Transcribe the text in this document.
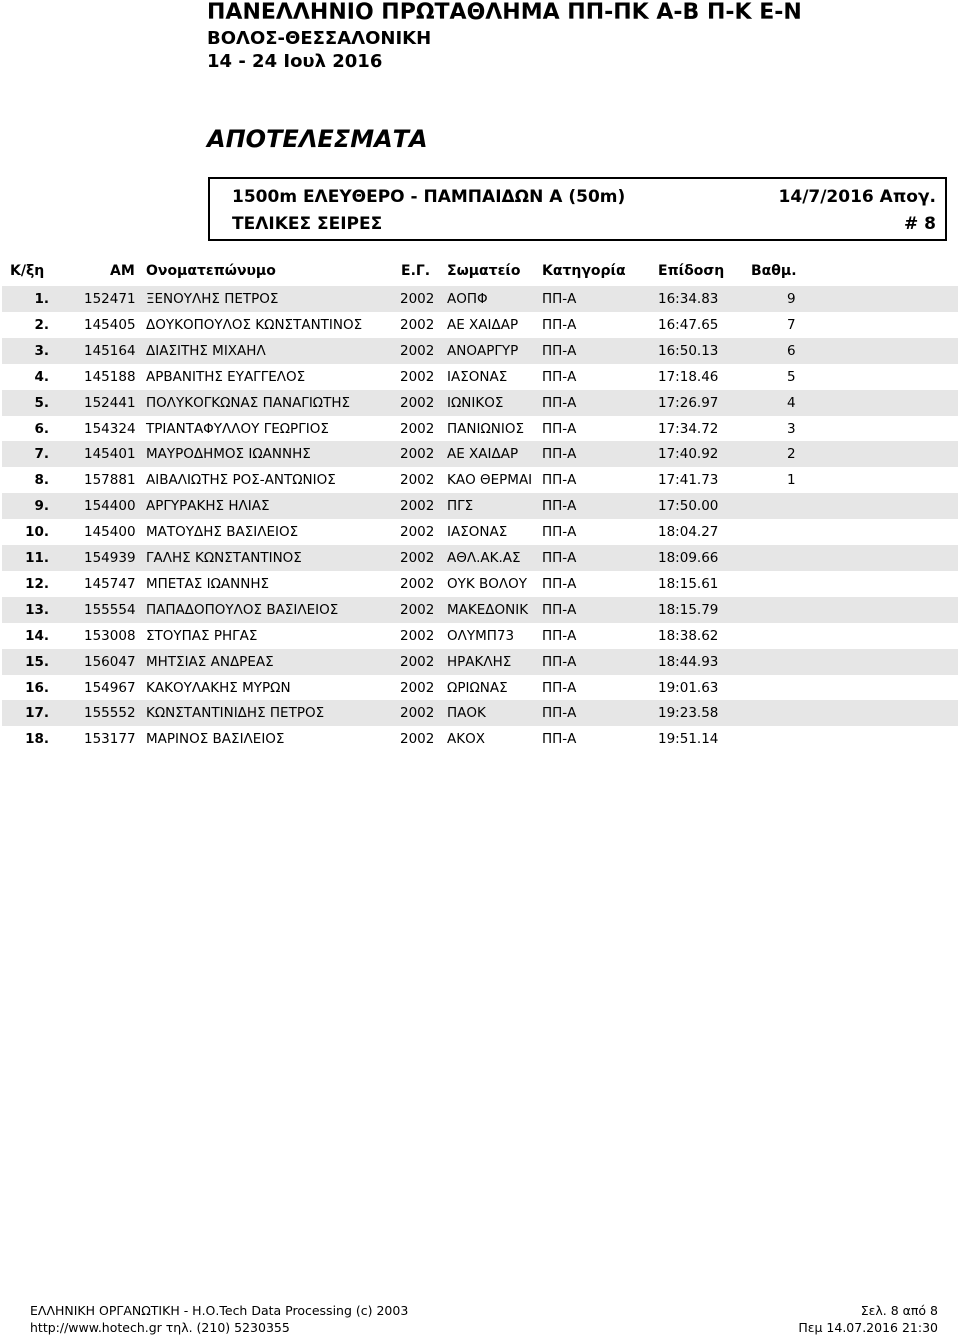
ΠΑΝΕΛΛΗΝΙΟ ΠΡΩΤΑΘΛΗΜΑ ΠΠ-ΠΚ Α-Β Π-Κ Ε-Ν
ΒΟΛΟΣ-ΘΕΣΣΑΛΟΝΙΚΗ
14 - 24 Ιουλ 2016
ΑΠΟΤΕΛΕΣΜΑΤΑ
1500m ΕΛΕΥΘΕΡΟ - ΠΑΜΠΑΙΔΩΝ Α (50m)	14/7/2016 Απογ.
ΤΕΛΙΚΕΣ ΣΕΙΡΕΣ	# 8
Κ/ξη	ΑΜ Ονοματεπώνυμο	Ε.Γ. Σωματείο Κατηγορία Επίδοση Βαθμ.
1.	152471 ΞΕΝΟΥΛΗΣ ΠΕΤΡΟΣ	2002 ΑΟΠΦ	ΠΠ-Α	16:34.83	9
2.	145405 ΔΟΥΚΟΠΟΥΛΟΣ ΚΩΝΣΤΑΝΤΙΝΟΣ	2002 ΑΕ ΧΑΙΔΑΡ ΠΠ-Α	16:47.65	7
3.	145164 ΔΙΑΣΙΤΗΣ ΜΙΧΑΗΛ	2002 ΑΝΟΑΡΓΥΡ ΠΠ-Α	16:50.13	6
4.	145188 ΑΡΒΑΝΙΤΗΣ ΕΥΑΓΓΕΛΟΣ	2002 ΙΑΣΟΝΑΣ	ΠΠ-Α	17:18.46	5
5.	152441 ΠΟΛΥΚΟΓΚΩΝΑΣ ΠΑΝΑΓΙΩΤΗΣ	2002 ΙΩΝΙΚΟΣ	ΠΠ-Α	17:26.97	4
6.	154324 ΤΡΙΑΝΤΑΦΥΛΛΟΥ ΓΕΩΡΓΙΟΣ	2002 ΠΑΝΙΩΝΙΟΣ ΠΠ-Α	17:34.72	3
7.	145401 ΜΑΥΡΟΔΗΜΟΣ ΙΩΑΝΝΗΣ	2002 ΑΕ ΧΑΙΔΑΡ ΠΠ-Α	17:40.92	2
8.	157881 ΑΙΒΑΛΙΩΤΗΣ ΡΟΣ-ΑΝΤΩΝΙΟΣ	2002 ΚΑΟ ΘΕΡΜΑΙ ΠΠ-Α	17:41.73	1
9.	154400 ΑΡΓΥΡΑΚΗΣ ΗΛΙΑΣ	2002 ΠΓΣ	ΠΠ-Α	17:50.00
10.	145400 ΜΑΤΟΥΔΗΣ ΒΑΣΙΛΕΙΟΣ	2002 ΙΑΣΟΝΑΣ	ΠΠ-Α	18:04.27
11.	154939 ΓΑΛΗΣ ΚΩΝΣΤΑΝΤΙΝΟΣ	2002 ΑΘΛ.ΑΚ.ΑΣ ΠΠ-Α	18:09.66
12.	145747 ΜΠΕΤΑΣ ΙΩΑΝΝΗΣ	2002 ΟΥΚ ΒΟΛΟΥ ΠΠ-Α	18:15.61
13.	155554 ΠΑΠΑΔΟΠΟΥΛΟΣ ΒΑΣΙΛΕΙΟΣ	2002 ΜΑΚΕΔΟΝΙΚ ΠΠ-Α	18:15.79
14.	153008 ΣΤΟΥΠΑΣ ΡΗΓΑΣ	2002 ΟΛΥΜΠ73 ΠΠ-Α	18:38.62
15.	156047 ΜΗΤΣΙΑΣ ΑΝΔΡΕΑΣ	2002 ΗΡΑΚΛΗΣ ΠΠ-Α	18:44.93
16.	154967 ΚΑΚΟΥΛΑΚΗΣ ΜΥΡΩΝ	2002 ΩΡΙΩΝΑΣ	ΠΠ-Α	19:01.63
17.	155552 ΚΩΝΣΤΑΝΤΙΝΙΔΗΣ ΠΕΤΡΟΣ	2002 ΠΑΟΚ	ΠΠ-Α	19:23.58
18.	153177 ΜΑΡΙΝΟΣ ΒΑΣΙΛΕΙΟΣ	2002 ΑΚΟΧ	ΠΠ-Α	19:51.14
ΕΛΛΗΝΙΚΗ ΟΡΓΑΝΩΤΙΚΗ - Η.Ο.Tech Data Processing (c) 2003
http://www.hotech.gr τηλ. (210) 5230355
Σελ. 8 από 8
Πεμ 14.07.2016 21:30
